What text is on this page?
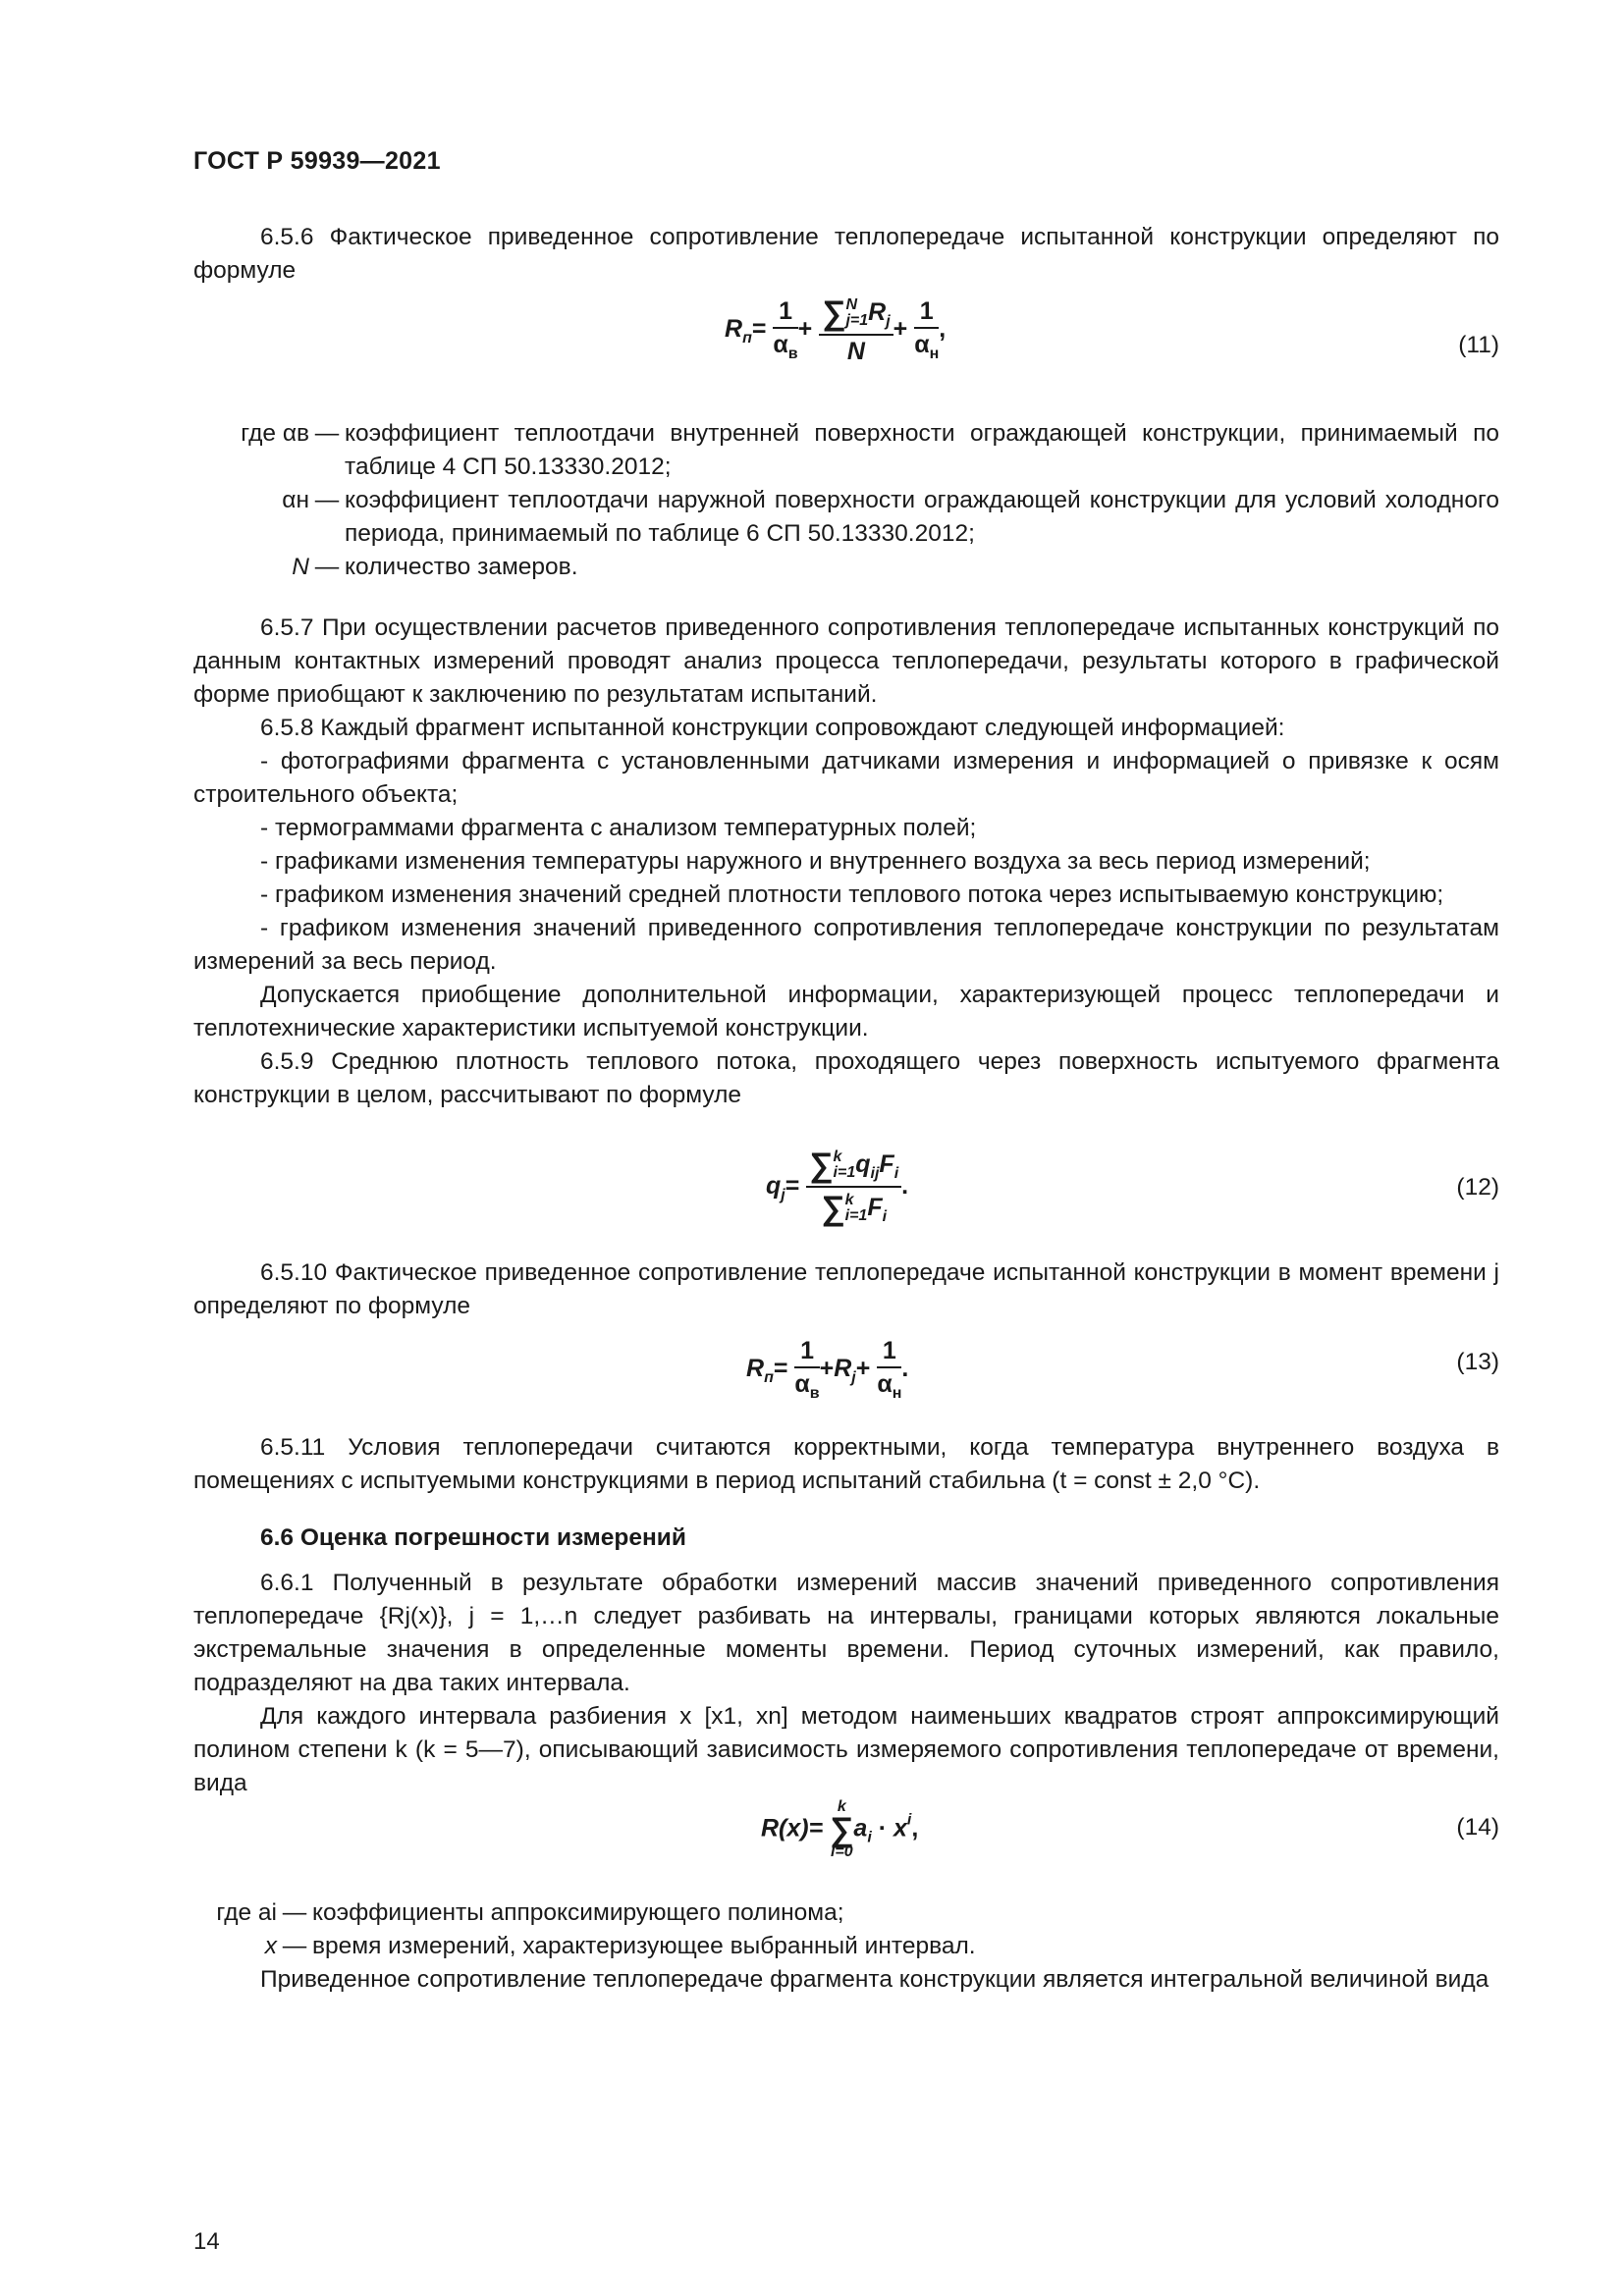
ГОСТ Р 59939—2021

6.5.6 Фактическое приведенное сопротивление теплопередаче испытанной конструкции определяют по формуле

$R_п=$
1
$\alpha_в$
+ ∑ N
j=1 $R_j$
N +
1
$\alpha_н$
,
(11)
где αв — коэффициент теплоотдачи внутренней поверхности ограждающей конструкции, принимаемый по таблице 4 СП 50.13330.2012;
αн — коэффициент теплоотдачи наружной поверхности ограждающей конструкции для условий холодного периода, принимаемый по таблице 6 СП 50.13330.2012;
N — количество замеров.

6.5.7 При осуществлении расчетов приведенного сопротивления теплопередаче испытанных конструкций по данным контактных измерений проводят анализ процесса теплопередачи, результаты которого в графической форме приобщают к заключению по результатам испытаний.

6.5.8 Каждый фрагмент испытанной конструкции сопровождают следующей информацией:

- фотографиями фрагмента с установленными датчиками измерения и информацией о привязке к осям строительного объекта;

- термограммами фрагмента с анализом температурных полей;

- графиками изменения температуры наружного и внутреннего воздуха за весь период измерений;

- графиком изменения значений средней плотности теплового потока через испытываемую конструкцию;

- графиком изменения значений приведенного сопротивления теплопередаче конструкции по результатам измерений за весь период.

Допускается приобщение дополнительной информации, характеризующей процесс теплопередачи и теплотехнические характеристики испытуемой конструкции.

6.5.9 Среднюю плотность теплового потока, проходящего через поверхность испытуемого фрагмента конструкции в целом, рассчитывают по формуле

$q_j=$
∑ k
i=1 $q_{ij}F_i$
∑ k
i=1 $F_i$
.	(12)

6.5.10 Фактическое приведенное сопротивление теплопередаче испытанной конструкции в момент времени j определяют по формуле

$R_п=$
1
$\alpha_в$
$+R_j+$
1
$\alpha_н$
.	(13)

6.5.11 Условия теплопередачи считаются корректными, когда температура внутреннего воздуха в помещениях с испытуемыми конструкциями в период испытаний стабильна (t = const ± 2,0 °С).

6.6 Оценка погрешности измерений

6.6.1 Полученный в результате обработки измерений массив значений приведенного сопротивления теплопередаче {Rj(x)}, j = 1,…n следует разбивать на интервалы, границами которых являются локальные экстремальные значения в определенные моменты времени. Период суточных измерений, как правило, подразделяют на два таких интервала.

Для каждого интервала разбиения x [x1, xn] методом наименьших квадратов строят аппроксимирующий полином степени k (k = 5—7), описывающий зависимость измеряемого сопротивления теплопередаче от времени, вида

R(x)=
k
∑
i=0
$a_i \cdot x^i$,	(14)
где ai — коэффициенты аппроксимирующего полинома;
x — время измерений, характеризующее выбранный интервал.

Приведенное сопротивление теплопередаче фрагмента конструкции является интегральной величиной вида

14
